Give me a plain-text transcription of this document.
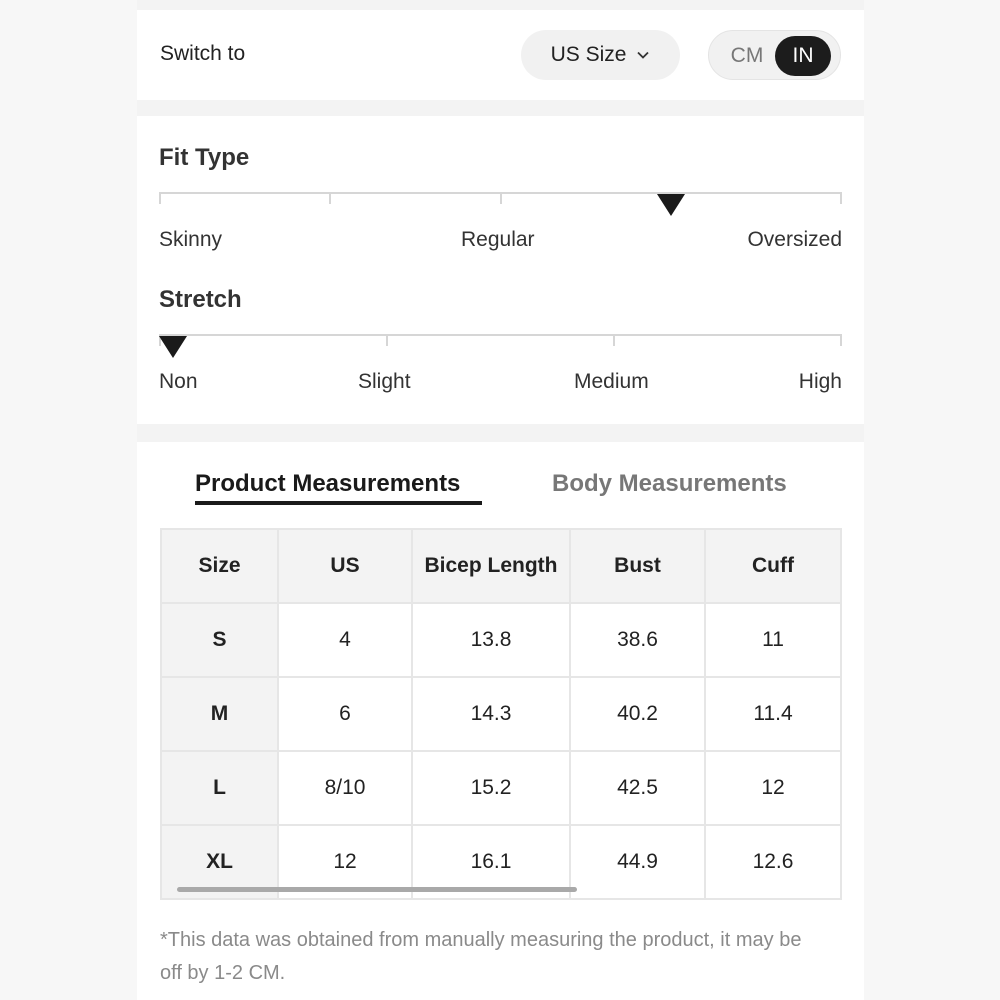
Switch to	US Size	CM	IN
Fit Type
Skinny	Regular	Oversized
Stretch
Non	Slight	Medium	High
Product Measurements	Body Measurements
Size	US	Bicep Length	Bust	Cuff
S	4	13.8	38.6	11
M	6	14.3	40.2	11.4
L	8/10	15.2	42.5	12
XL	12	16.1	44.9	12.6

*This data was obtained from manually measuring the product, it may be off by 1-2 CM.
